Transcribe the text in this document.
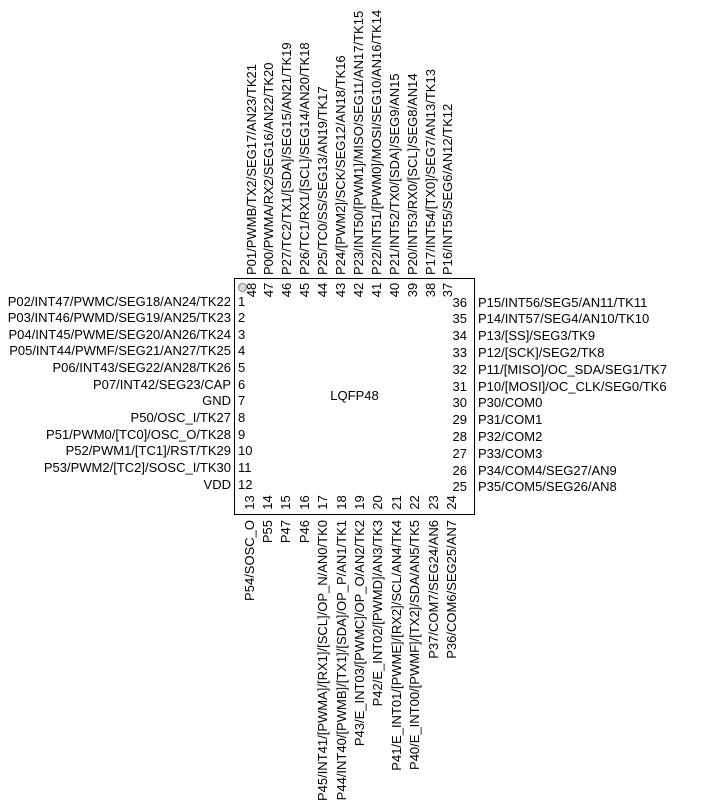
LQFP48
P02/INT47/PWMC/SEG18/AN24/TK22 1
P03/INT46/PWMD/SEG19/AN25/TK23 2
P04/INT45/PWME/SEG20/AN26/TK24 3
P05/INT44/PWMF/SEG21/AN27/TK25 4
P06/INT43/SEG22/AN28/TK26 5
P07/INT42/SEG23/CAP 6
GND 7
P50/OSC_I/TK27 8
P51/PWM0/[TC0]/OSC_O/TK28 9
P52/PWM1/[TC1]/RST/TK29 10
P53/PWM2/[TC2]/SOSC_I/TK30 11
VDD 12
36 P15/INT56/SEG5/AN11/TK11
35 P14/INT57/SEG4/AN10/TK10
34 P13/[SS]/SEG3/TK9
33 P12/[SCK]/SEG2/TK8
32 P11/[MISO]/OC_SDA/SEG1/TK7
31 P10/[MOSI]/OC_CLK/SEG0/TK6
30 P30/COM0
29 P31/COM1
28 P32/COM2
27 P33/COM3
26 P34/COM4/SEG27/AN9
25 P35/COM5/SEG26/AN8
P01/PWMB/TX2/SEG17/AN23/TK21
48
P00/PWMA/RX2/SEG16/AN22/TK20
47
P27/TC2/TX1/[SDA]/SEG15/AN21/TK19
46
P26/TC1/RX1/[SCL]/SEG14/AN20/TK18
45
P25/TC0/SS/SEG13/AN19/TK17
44
P24/[PWM2]/SCK/SEG12/AN18/TK16
43
P23/INT50/[PWM1]/MISO/SEG11/AN17/TK15
42
P22/INT51/[PWM0]/MOSI/SEG10/AN16/TK14
41
P21/INT52/TX0/[SDA]/SEG9/AN15
40
P20/INT53/RX0/[SCL]/SEG8/AN14
39
P17/INT54/[TX0]/SEG7/AN13/TK13
38
P16/INT55/SEG6/AN12/TK12
37
P54/SOSC_O
13
P55
14
P47
15
P46
16
P45/INT41/[PWMA]/[RX1]/[SCL]/OP_N/AN0/TK0
17
P44/INT40/[PWMB]/[TX1]/[SDA]/OP_P/AN1/TK1
18
P43/E_INT03/[PWMC]/OP_O/AN2/TK2
19
P42/E_INT02/[PWMD]/AN3/TK3
20
P41/E_INT01/[PWME]/[RX2]/SCL/AN4/TK4
21
P40/E_INT00/[PWMF]/[TX2]/SDA/AN5/TK5
22
P37/COM7/SEG24/AN6
23
P36/COM6/SEG25/AN7
24
